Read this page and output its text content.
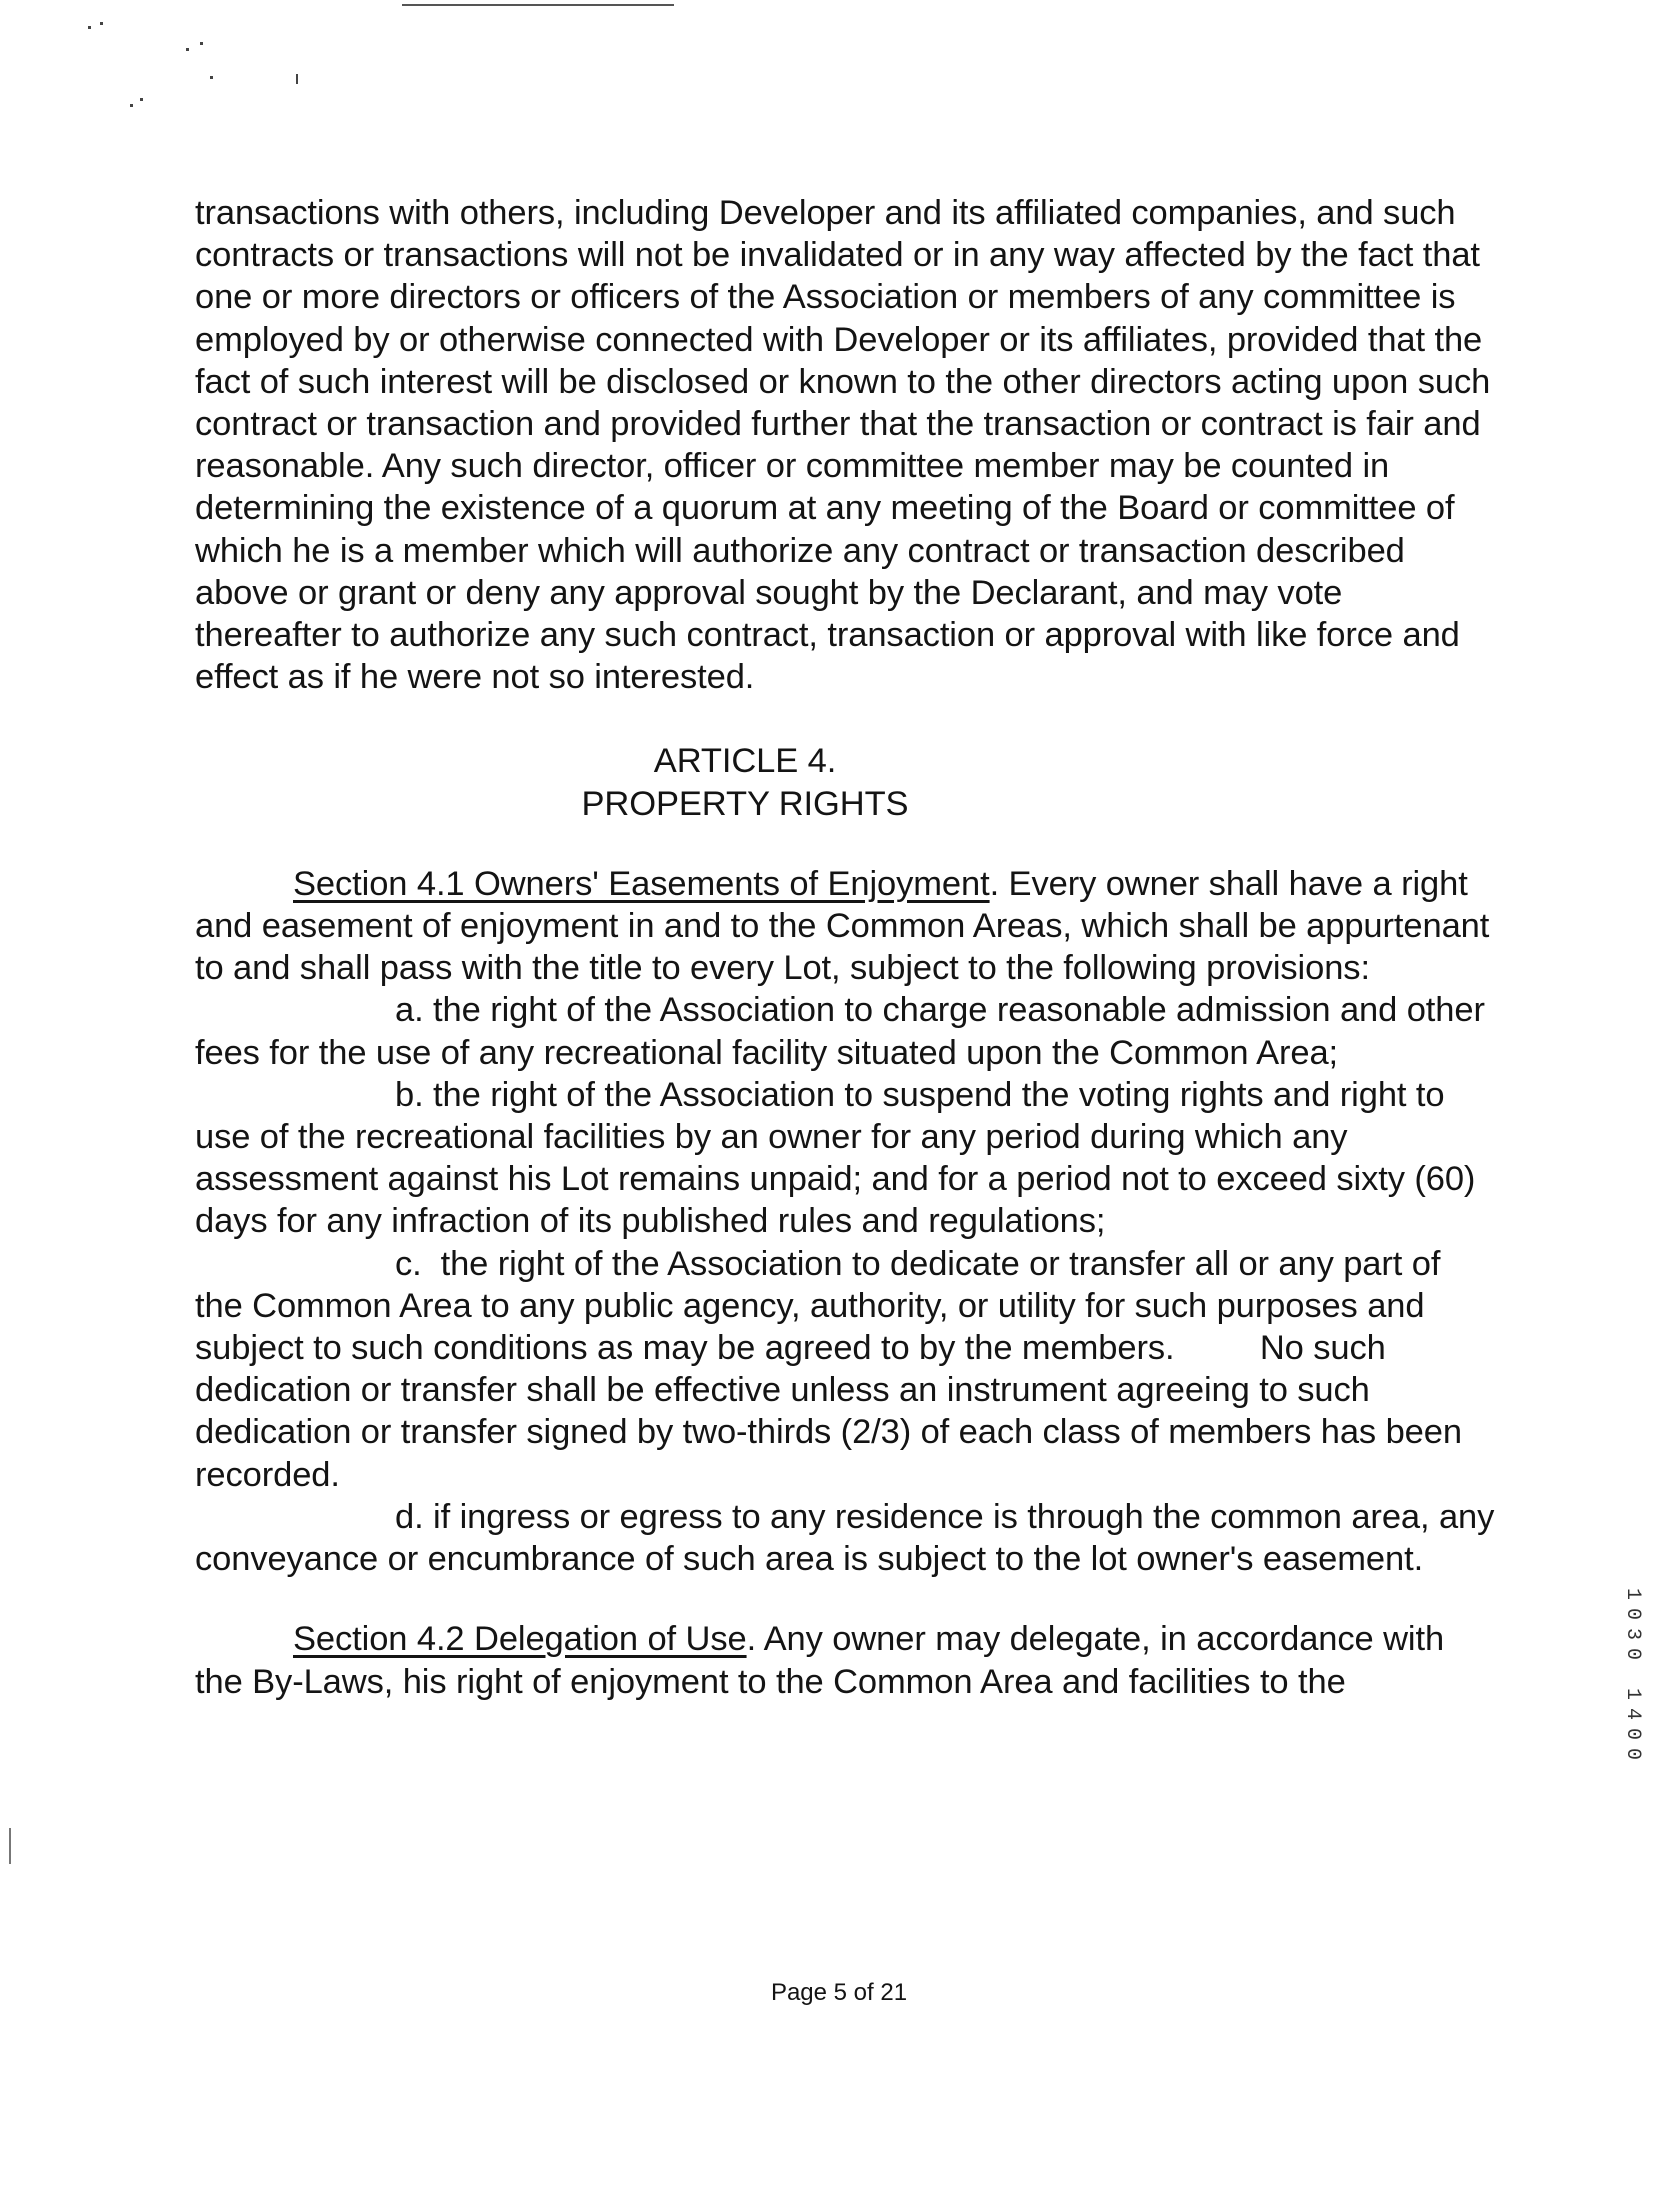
transactions with others, including Developer and its affiliated companies, and such contracts or transactions will not be invalidated or in any way affected by the fact that one or more directors or officers of the Association or members of any committee is employed by or otherwise connected with Developer or its affiliates, provided that the fact of such interest will be disclosed or known to the other directors acting upon such contract or transaction and provided further that the transaction or contract is fair and reasonable. Any such director, officer or committee member may be counted in determining the existence of a quorum at any meeting of the Board or committee of which he is a member which will authorize any contract or transaction described above or grant or deny any approval sought by the Declarant, and may vote thereafter to authorize any such contract, transaction or approval with like force and effect as if he were not so interested.

ARTICLE 4.

PROPERTY RIGHTS

Section 4.1 Owners' Easements of Enjoyment. Every owner shall have a right and easement of enjoyment in and to the Common Areas, which shall be appurtenant to and shall pass with the title to every Lot, subject to the following provisions:

a. the right of the Association to charge reasonable admission and other fees for the use of any recreational facility situated upon the Common Area;

b. the right of the Association to suspend the voting rights and right to use of the recreational facilities by an owner for any period during which any assessment against his Lot remains unpaid; and for a period not to exceed sixty (60) days for any infraction of its published rules and regulations;

c.  the right of the Association to dedicate or transfer all or any part of the Common Area to any public agency, authority, or utility for such purposes and subject to such conditions as may be agreed to by the members.         No such dedication or transfer shall be effective unless an instrument agreeing to such dedication or transfer signed by two-thirds (2/3) of each class of members has been recorded.

d. if ingress or egress to any residence is through the common area, any conveyance or encumbrance of such area is subject to the lot owner's easement.

Section 4.2 Delegation of Use. Any owner may delegate, in accordance with the By-Laws, his right of enjoyment to the Common Area and facilities to the	1030 1400
Page 5 of 21
